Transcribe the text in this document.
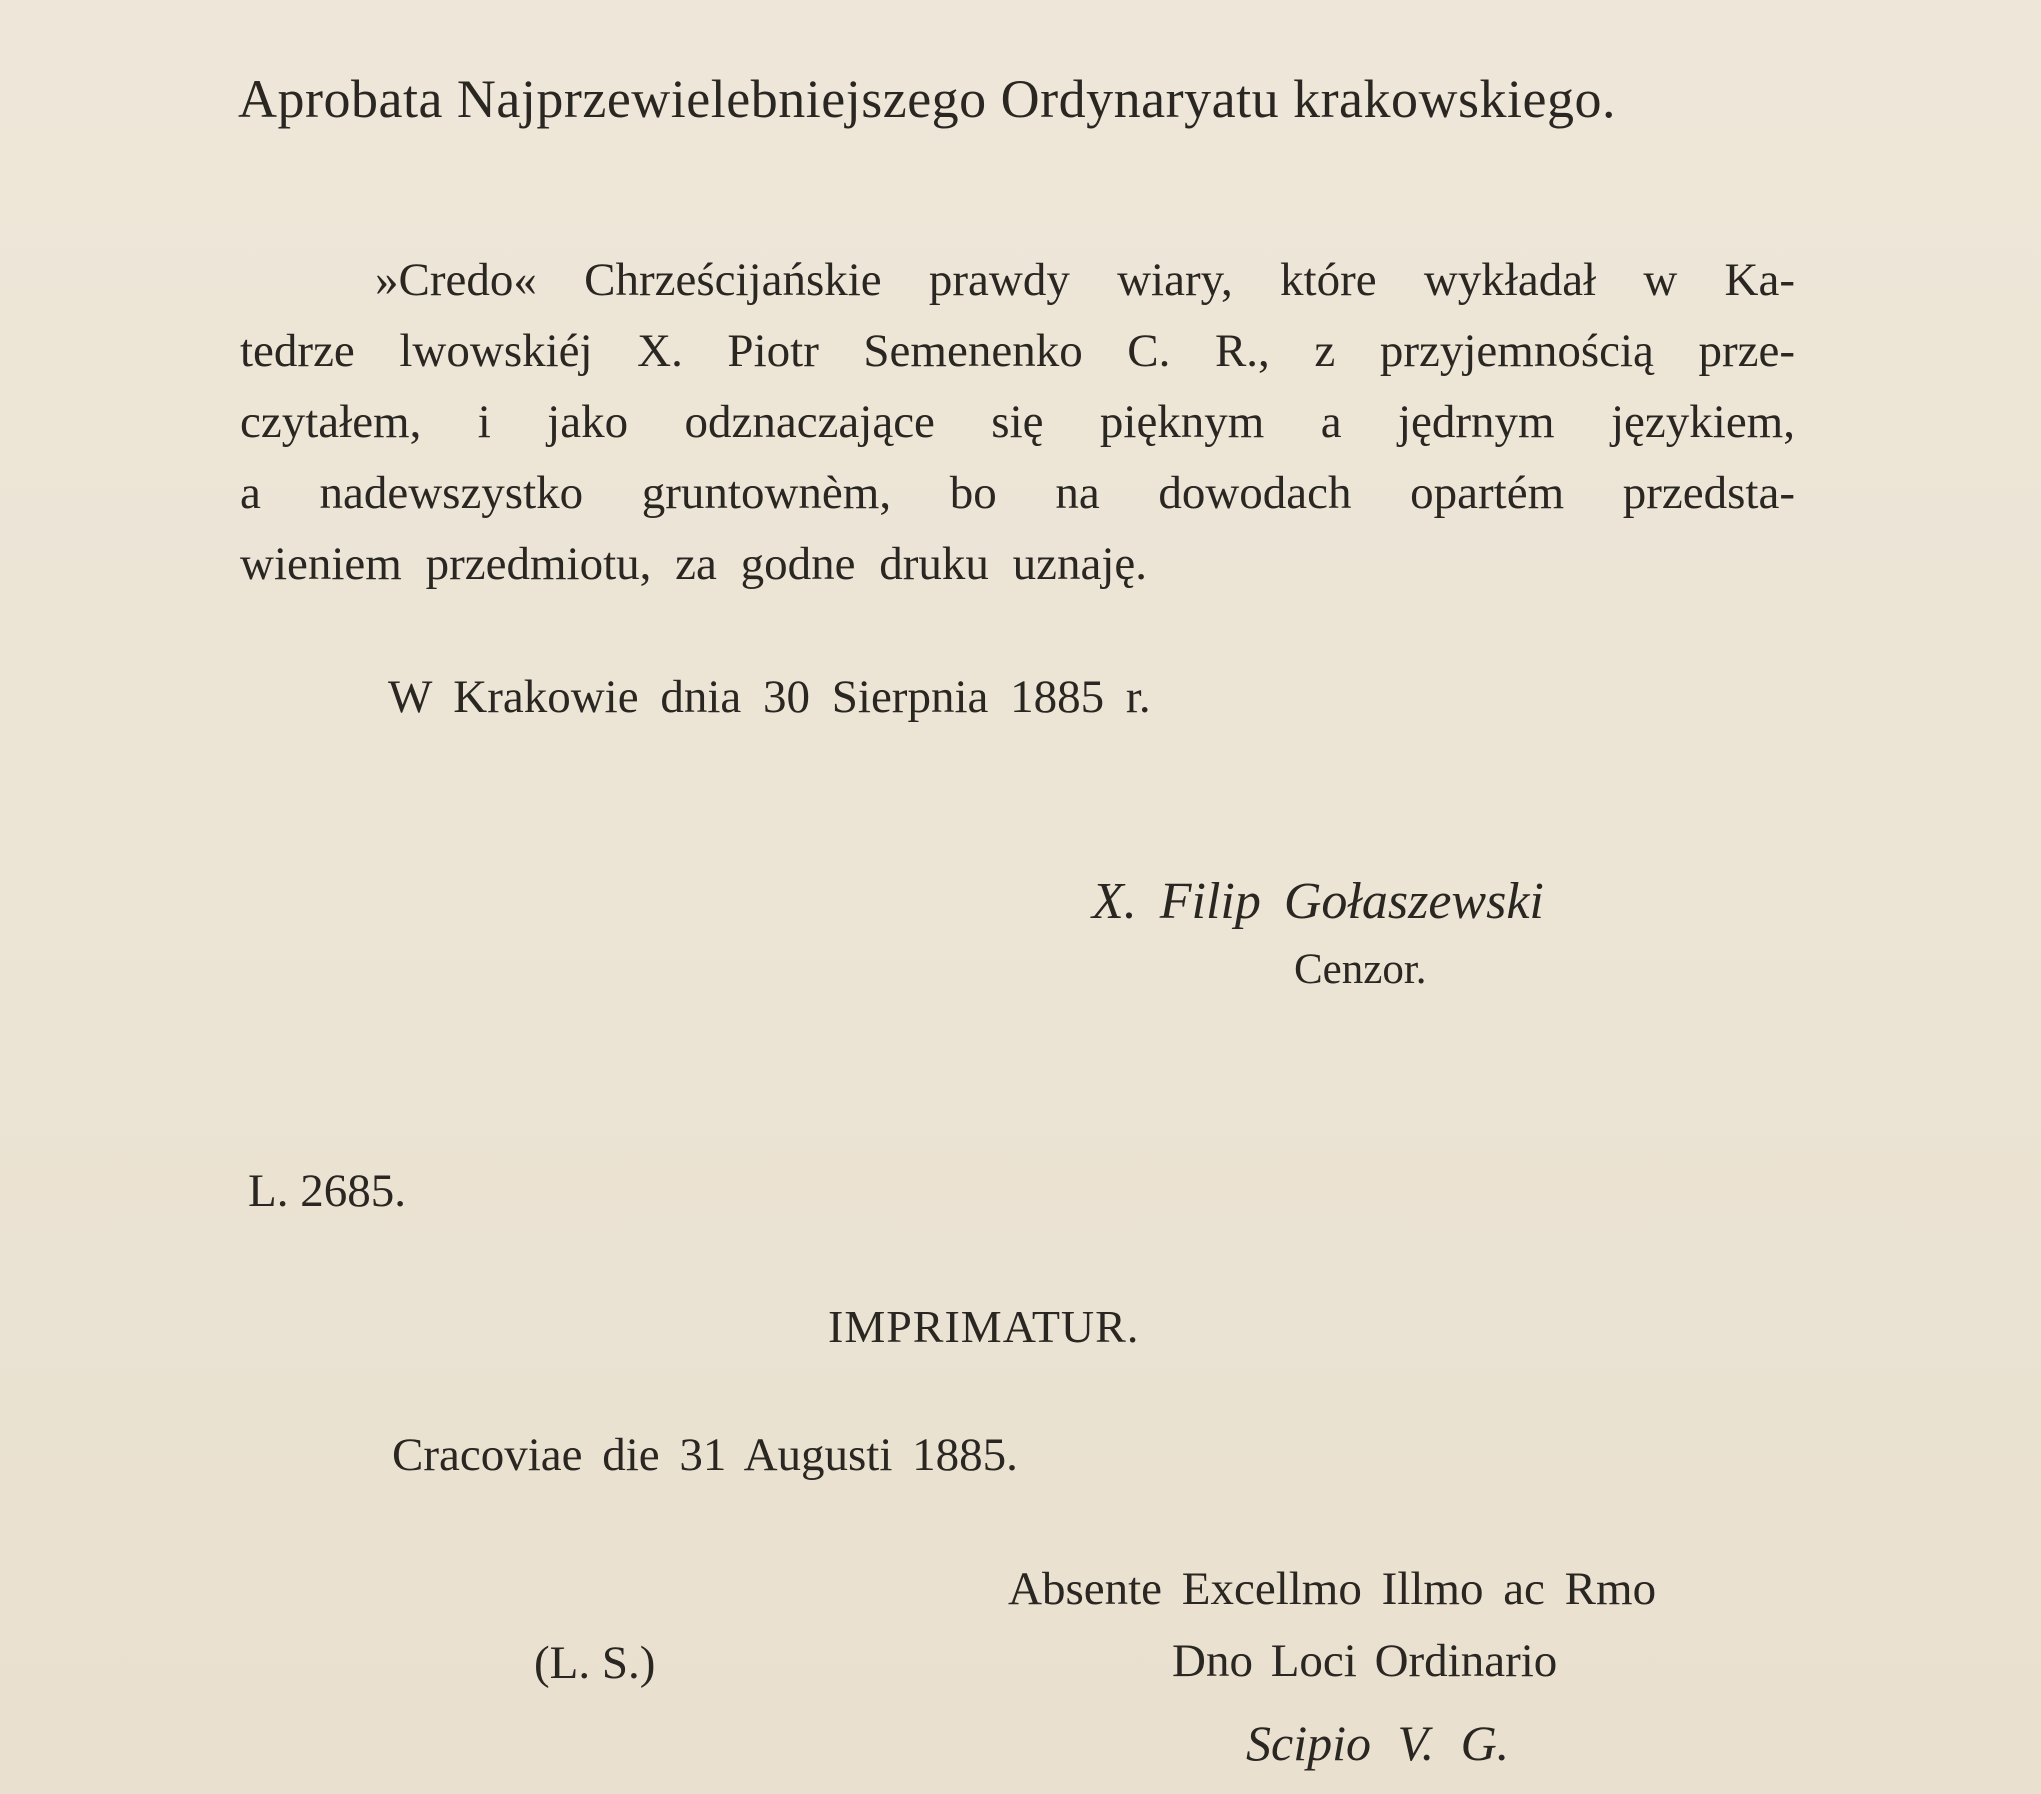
Aprobata Najprzewielebniejszego Ordynaryatu krakowskiego.
»Credo« Chrześcijańskie prawdy wiary, które wykładał w Ka-
tedrze lwowskiéj X. Piotr Semenenko C. R., z przyjemnością prze-
czytałem, i jako odznaczające się pięknym a jędrnym językiem,
a nadewszystko gruntownèm, bo na dowodach opartém przedsta-
wieniem przedmiotu, za godne druku uznaję.
W Krakowie dnia 30 Sierpnia 1885 r.
X. Filip Gołaszewski
Cenzor.
L. 2685.
IMPRIMATUR.
Cracoviae die 31 Augusti 1885.
Absente Excellmo Illmo ac Rmo
(L. S.)	Dno Loci Ordinario
Scipio V. G.
